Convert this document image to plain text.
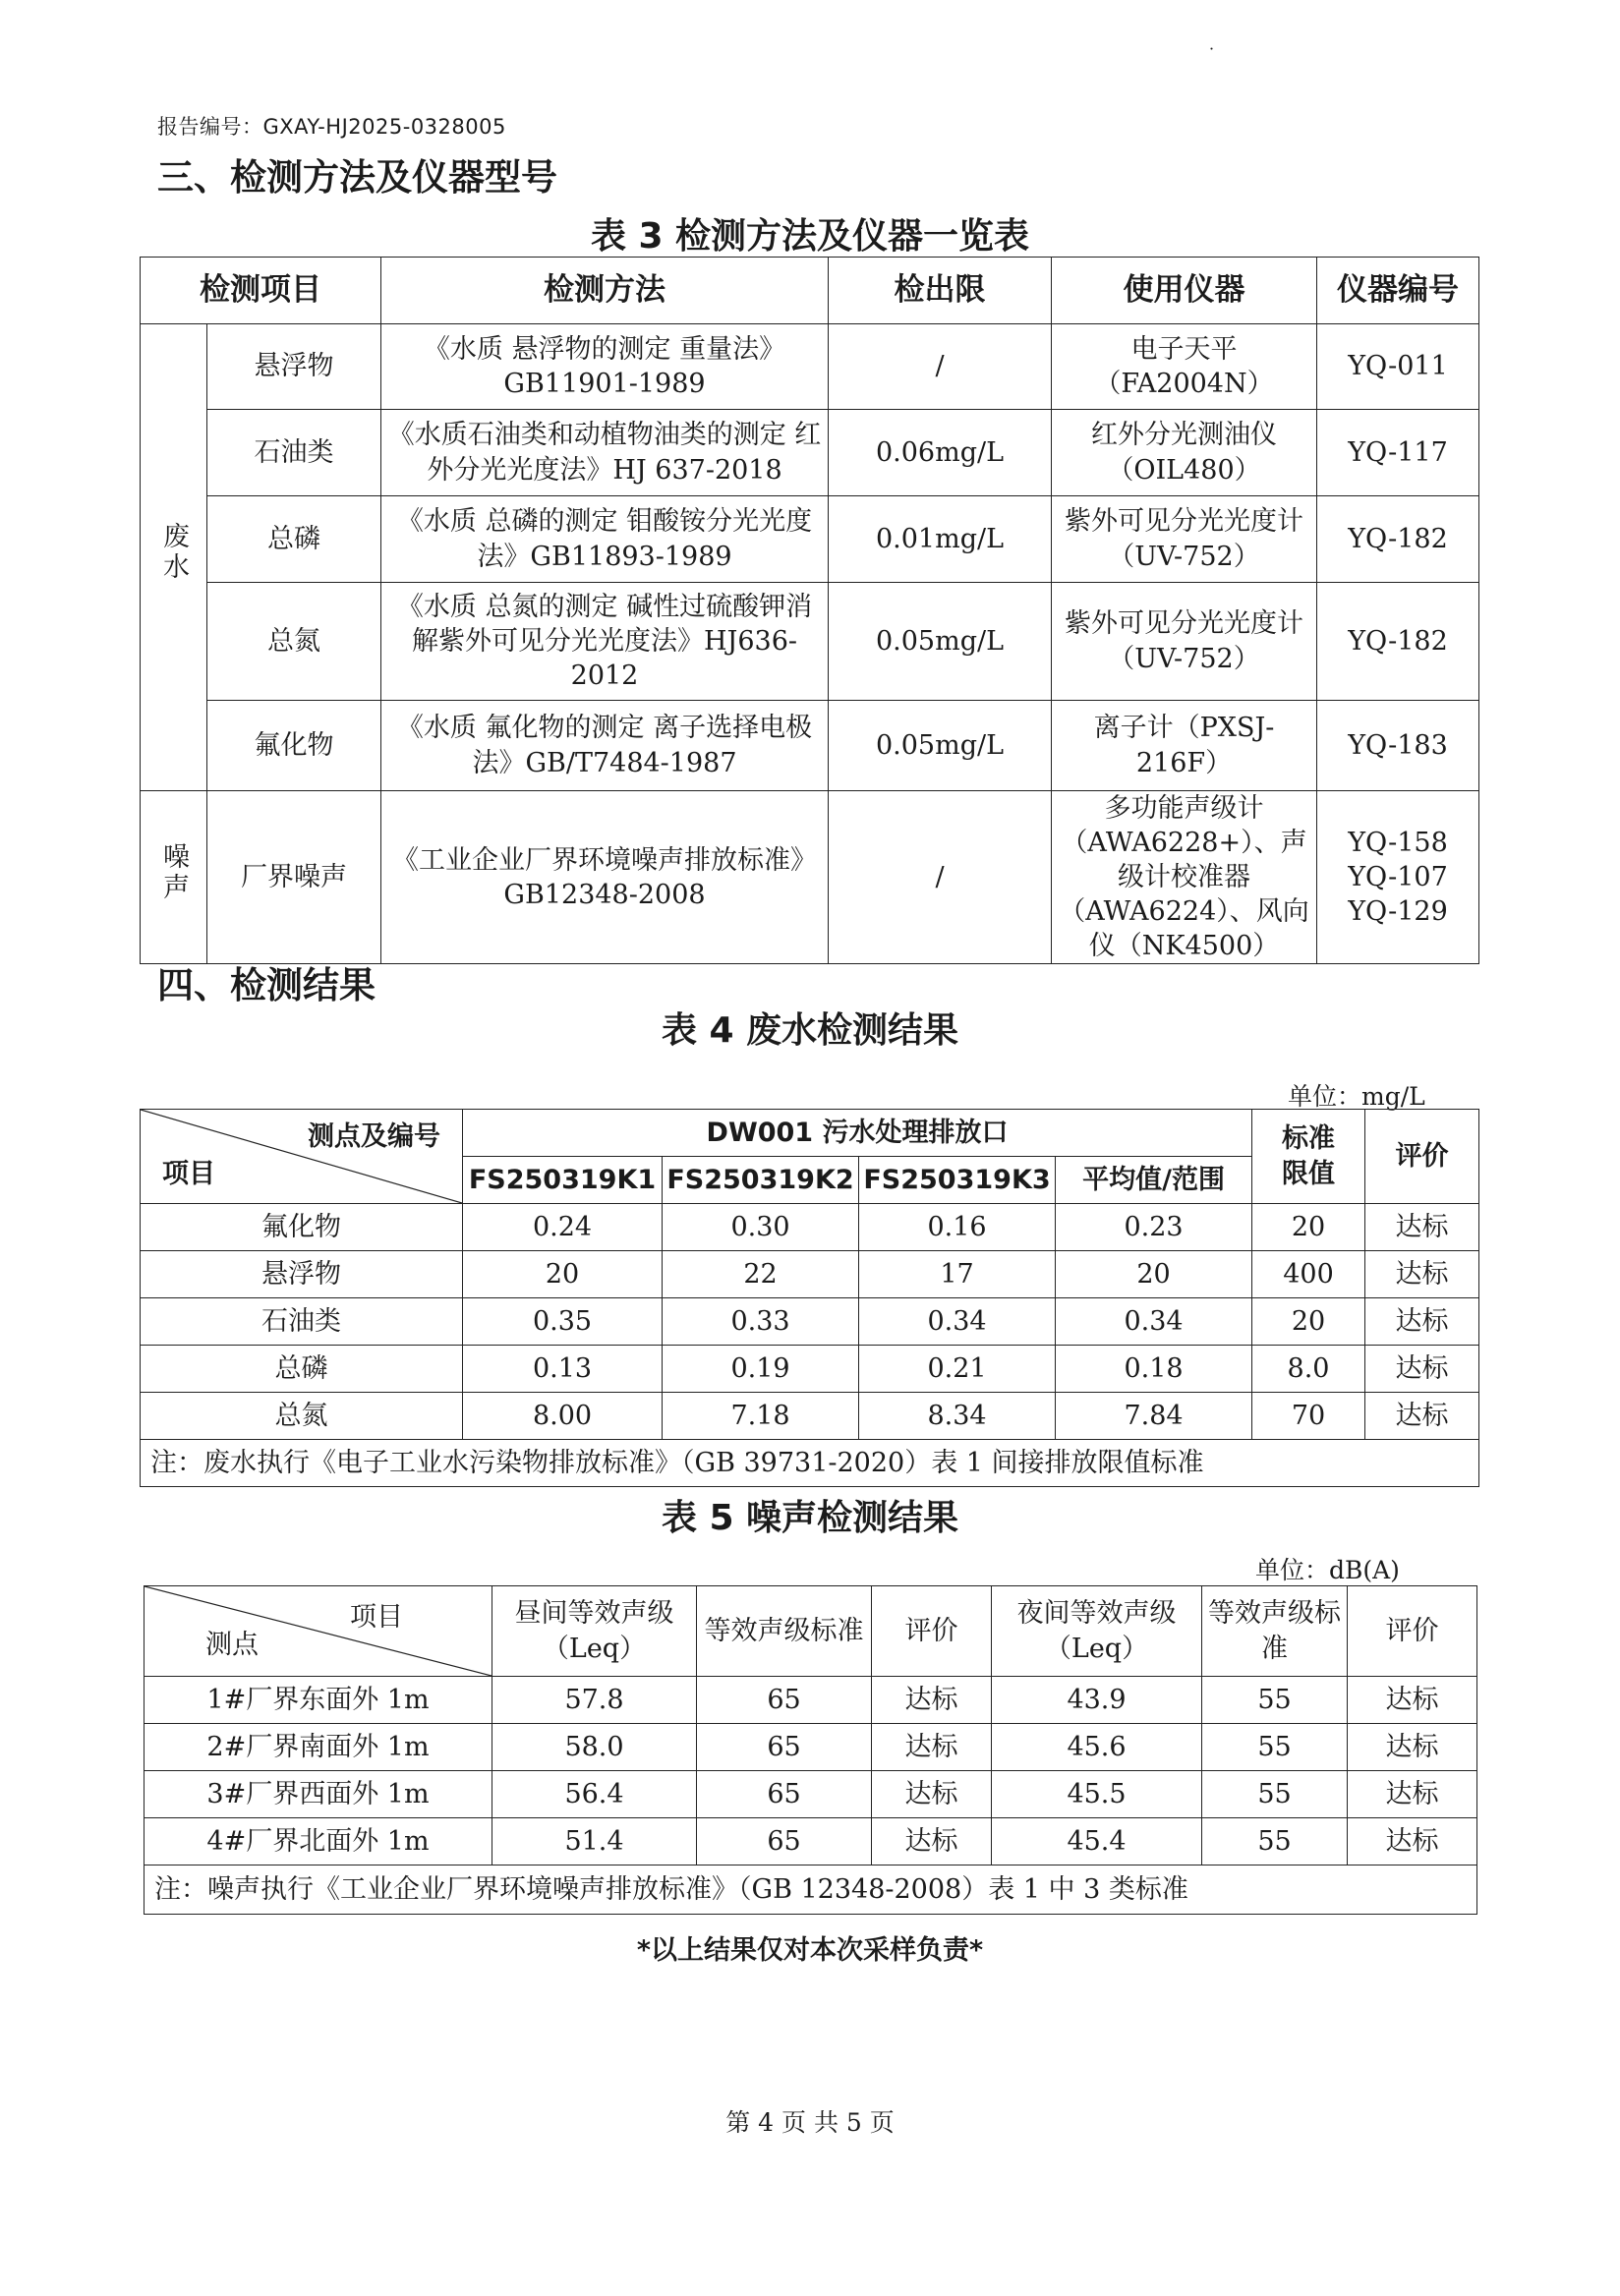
˙
报告编号：GXAY-HJ2025-0328005
三、检测方法及仪器型号
表 3 检测方法及仪器一览表
检测项目		检测方法	检出限	使用仪器	仪器编号
废水	悬浮物	《水质 悬浮物的测定 重量法》GB11901-1989	/	电子天平（FA2004N）	YQ-011
	石油类	《水质石油类和动植物油类的测定 红外分光光度法》HJ 637-2018	0.06mg/L	红外分光测油仪（OIL480）	YQ-117
	总磷	《水质 总磷的测定 钼酸铵分光光度法》GB11893-1989	0.01mg/L	紫外可见分光光度计（UV-752）	YQ-182
	总氮	《水质 总氮的测定 碱性过硫酸钾消解紫外可见分光光度法》HJ636-2012	0.05mg/L	紫外可见分光光度计（UV-752）	YQ-182
	氟化物	《水质 氟化物的测定 离子选择电极法》GB/T7484-1987	0.05mg/L	离子计（PXSJ-216F）	YQ-183
噪声	厂界噪声	《工业企业厂界环境噪声排放标准》GB12348-2008	/	多功能声级计（AWA6228+）、声级计校准器（AWA6224）、风向仪（NK4500）	YQ-158 YQ-107 YQ-129
四、检测结果
表 4 废水检测结果
单位：mg/L
测点及编号
项目	DW001 污水处理排放口				标准限值	评价
	FS250319K1	FS250319K2	FS250319K3	平均值/范围		
氟化物	0.24	0.30	0.16	0.23	20	达标
悬浮物	20	22	17	20	400	达标
石油类	0.35	0.33	0.34	0.34	20	达标
总磷	0.13	0.19	0.21	0.18	8.0	达标
总氮	8.00	7.18	8.34	7.84	70	达标
注：废水执行《电子工业水污染物排放标准》（GB 39731-2020）表 1 间接排放限值标准						
表 5 噪声检测结果
单位：dB(A)
项目
测点	昼间等效声级（Leq）	等效声级标准	评价	夜间等效声级（Leq）	等效声级标准	评价
1#厂界东面外 1m	57.8	65	达标	43.9	55	达标
2#厂界南面外 1m	58.0	65	达标	45.6	55	达标
3#厂界西面外 1m	56.4	65	达标	45.5	55	达标
4#厂界北面外 1m	51.4	65	达标	45.4	55	达标
注：噪声执行《工业企业厂界环境噪声排放标准》（GB 12348-2008）表 1 中 3 类标准						
*以上结果仅对本次采样负责*
第 4 页 共 5 页
